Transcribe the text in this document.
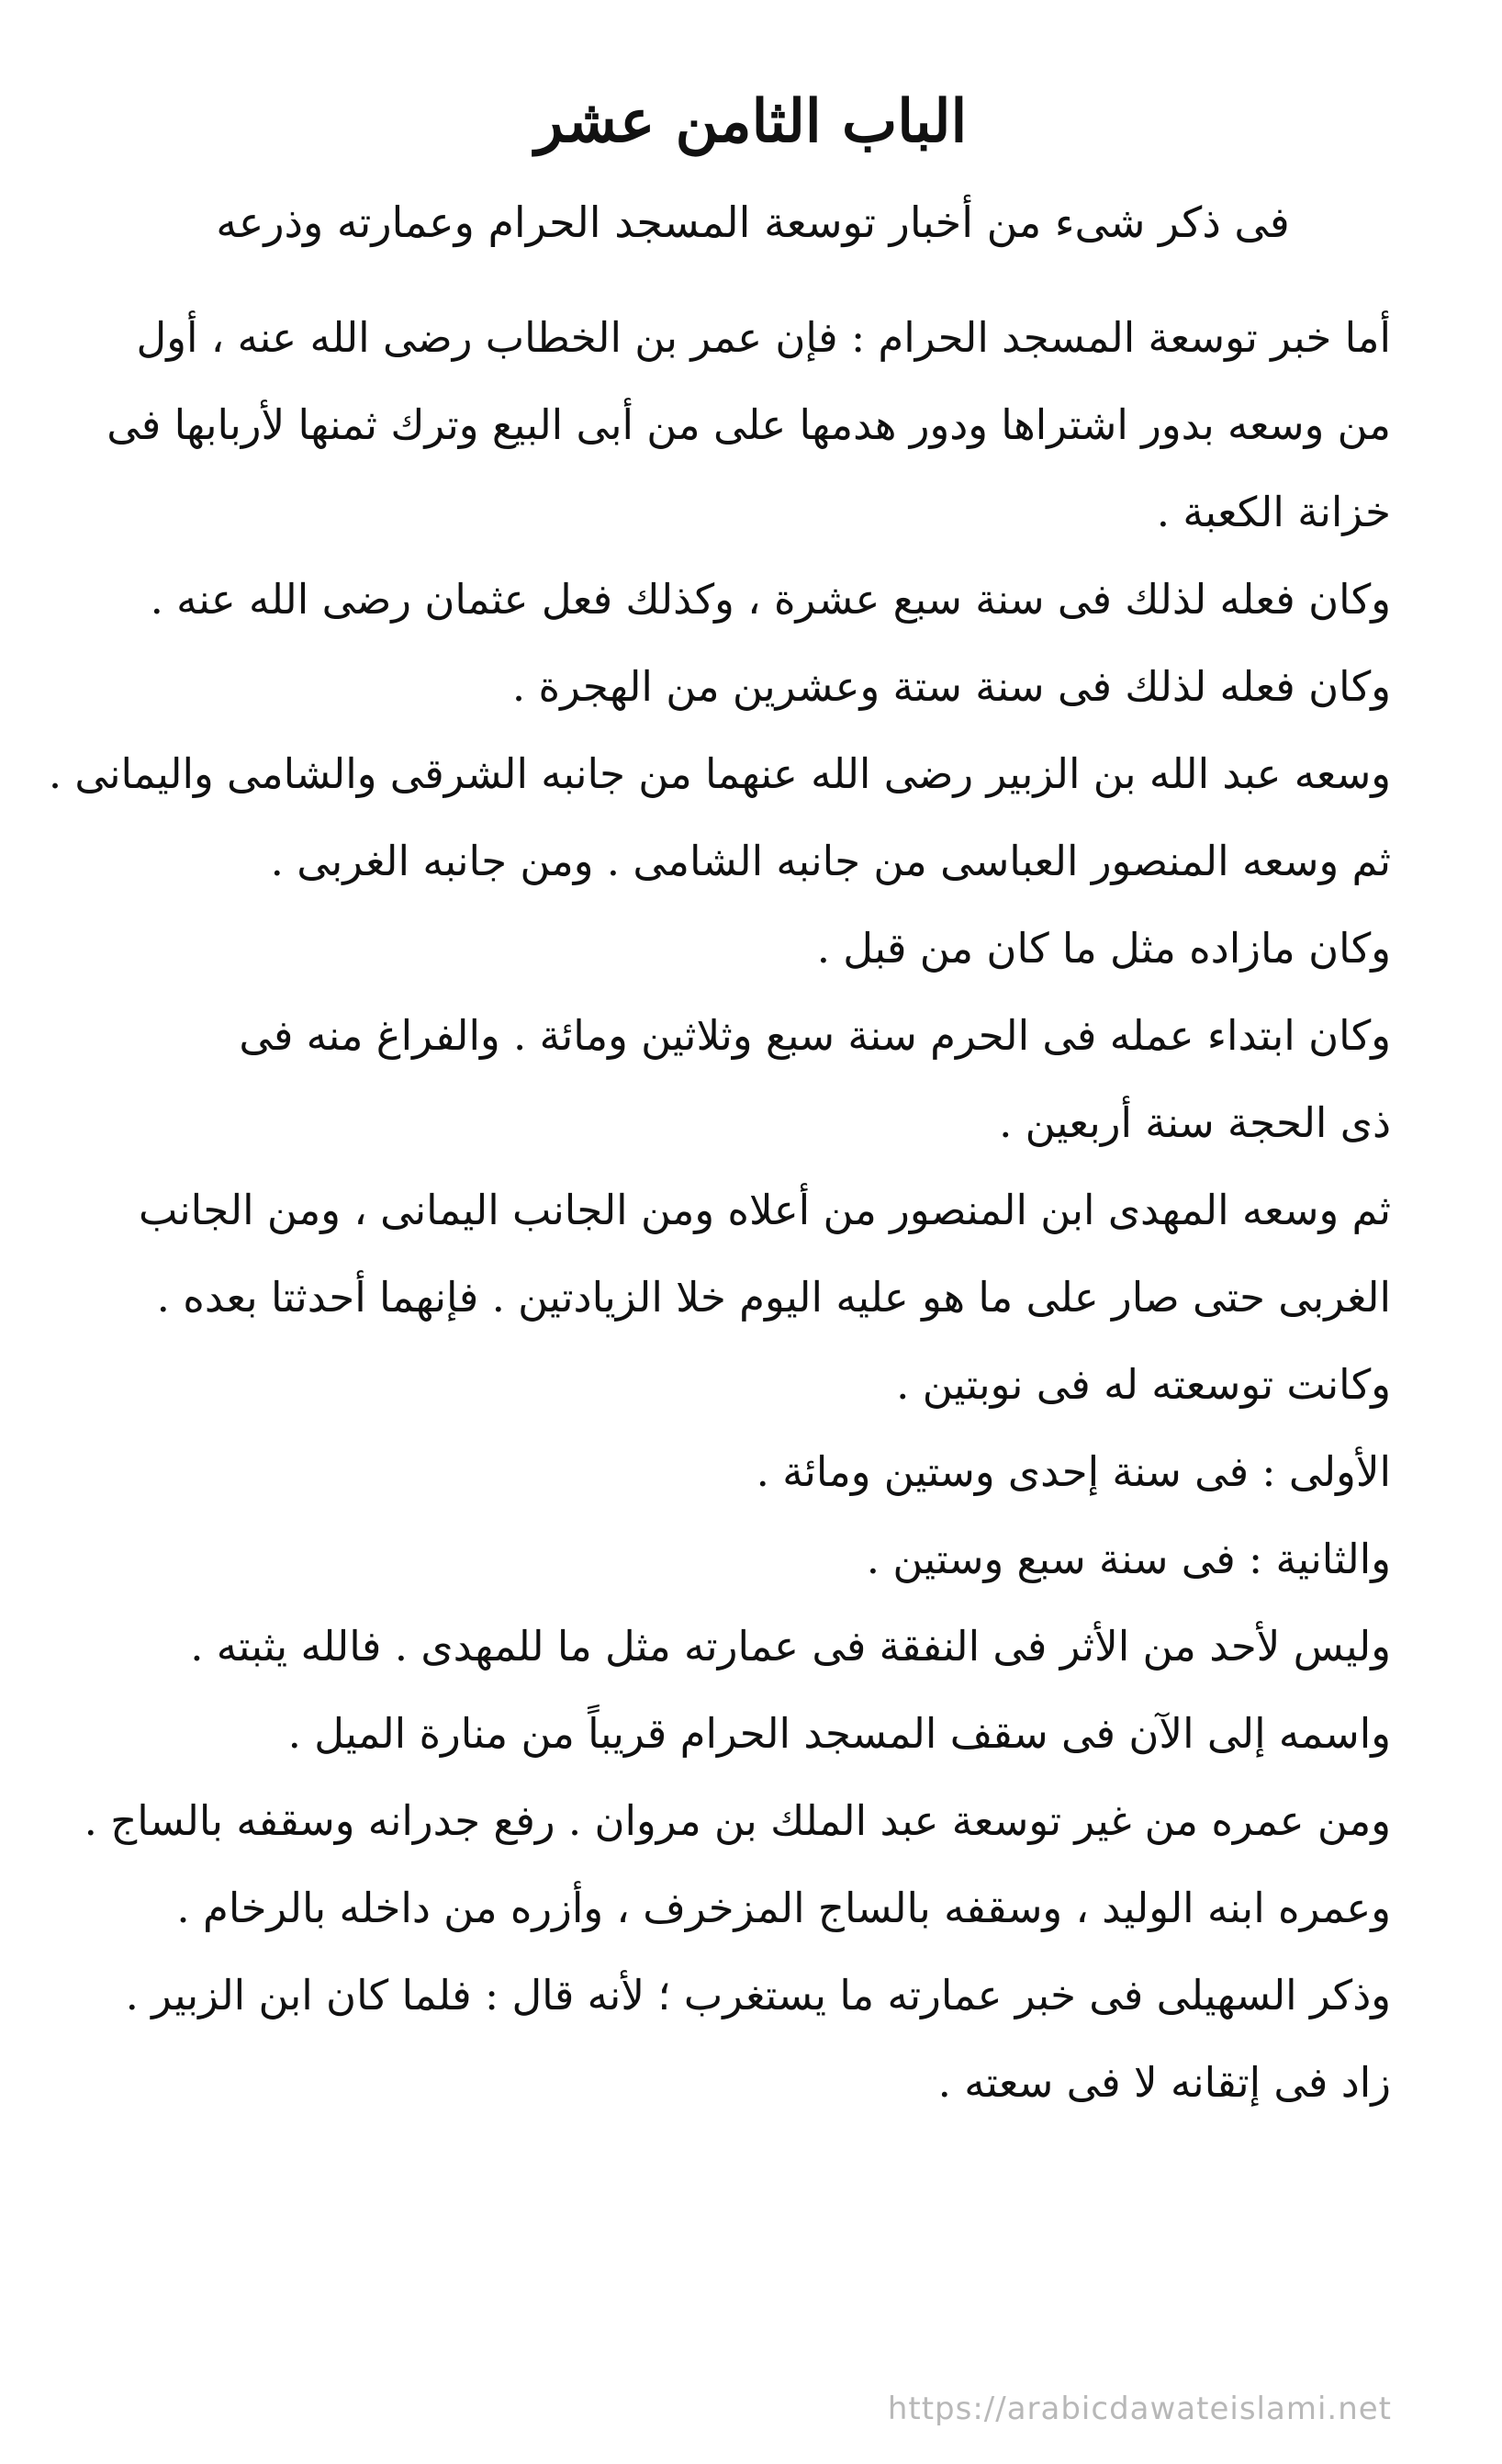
الباب الثامن عشر
فى ذكر شىء من أخبار توسعة المسجد الحرام وعمارته وذرعه

أما خبر توسعة المسجد الحرام : فإن عمر بن الخطاب رضى الله عنه ، أول
من وسعه بدور اشتراها ودور هدمها على من أبى البيع وترك ثمنها لأربابها فى
خزانة الكعبة .

وكان فعله لذلك فى سنة سبع عشرة ، وكذلك فعل عثمان رضى الله عنه .

وكان فعله لذلك فى سنة ستة وعشرين من الهجرة .

وسعه عبد الله بن الزبير رضى الله عنهما من جانبه الشرقى والشامى واليمانى .

ثم وسعه المنصور العباسى من جانبه الشامى . ومن جانبه الغربى .

وكان مازاده مثل ما كان من قبل .

وكان ابتداء عمله فى الحرم سنة سبع وثلاثين ومائة . والفراغ منه فى
ذى الحجة سنة أربعين .

ثم وسعه المهدى ابن المنصور من أعلاه ومن الجانب اليمانى ، ومن الجانب
الغربى حتى صار على ما هو عليه اليوم خلا الزيادتين . فإنهما أحدثتا بعده .

وكانت توسعته له فى نوبتين .

الأولى : فى سنة إحدى وستين ومائة .

والثانية : فى سنة سبع وستين .

وليس لأحد من الأثر فى النفقة فى عمارته مثل ما للمهدى . فالله يثبته .
واسمه إلى الآن فى سقف المسجد الحرام قريباً من منارة الميل .

ومن عمره من غير توسعة عبد الملك بن مروان . رفع جدرانه وسقفه بالساج .

وعمره ابنه الوليد ، وسقفه بالساج المزخرف ، وأزره من داخله بالرخام .

وذكر السهيلى فى خبر عمارته ما يستغرب ؛ لأنه قال : فلما كان ابن الزبير .
زاد فى إتقانه لا فى سعته .

https://arabicdawateislami.net
